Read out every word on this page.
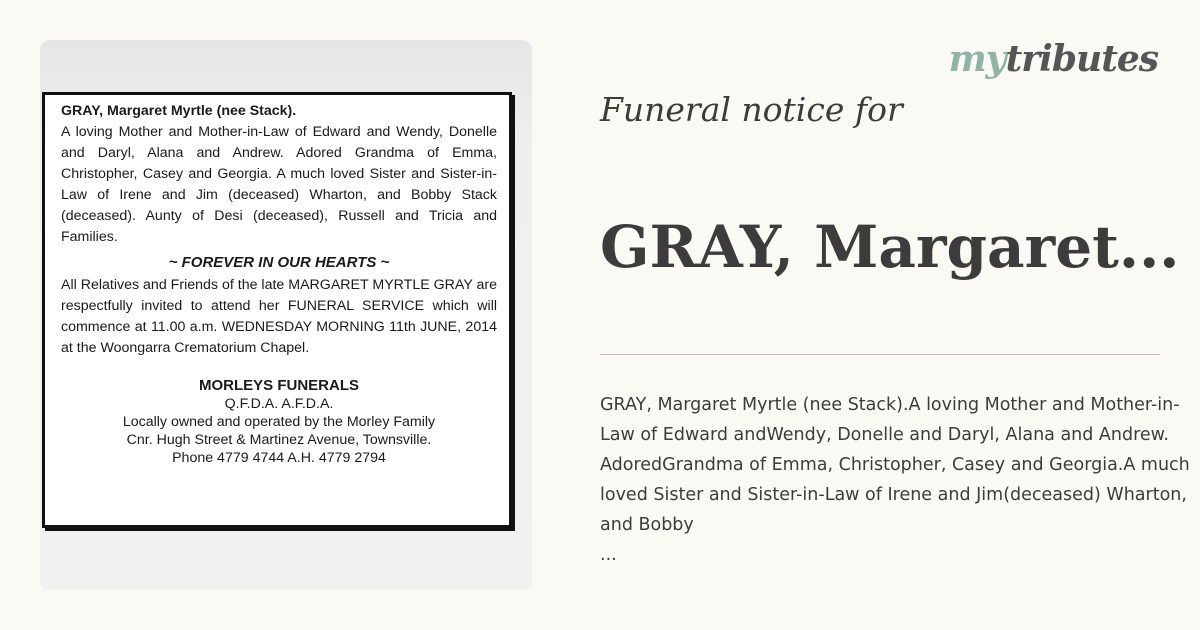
GRAY, Margaret Myrtle (nee Stack).
A loving Mother and Mother-in-Law of Edward and Wendy, Donelle and Daryl, Alana and Andrew. Adored Grandma of Emma, Christopher, Casey and Georgia. A much loved Sister and Sister-in-Law of Irene and Jim (deceased) Wharton, and Bobby Stack (deceased). Aunty of Desi (deceased), Russell and Tricia and Families.
~ FOREVER IN OUR HEARTS ~
All Relatives and Friends of the late MARGARET MYRTLE GRAY are respectfully invited to attend her FUNERAL SERVICE which will commence at 11.00 a.m. WEDNESDAY MORNING 11th JUNE, 2014 at the Woongarra Crematorium Chapel.
MORLEYS FUNERALS
Q.F.D.A. A.F.D.A.
Locally owned and operated by the Morley Family
Cnr. Hugh Street & Martinez Avenue, Townsville.
Phone 4779 4744 A.H. 4779 2794
mytributes
Funeral notice for
GRAY, Margaret...
GRAY, Margaret Myrtle (nee Stack).A loving Mother and Mother-in-Law of Edward andWendy, Donelle and Daryl, Alana and Andrew. AdoredGrandma of Emma, Christopher, Casey and Georgia.A much loved Sister and Sister-in-Law of Irene and Jim(deceased) Wharton, and Bobby
...
